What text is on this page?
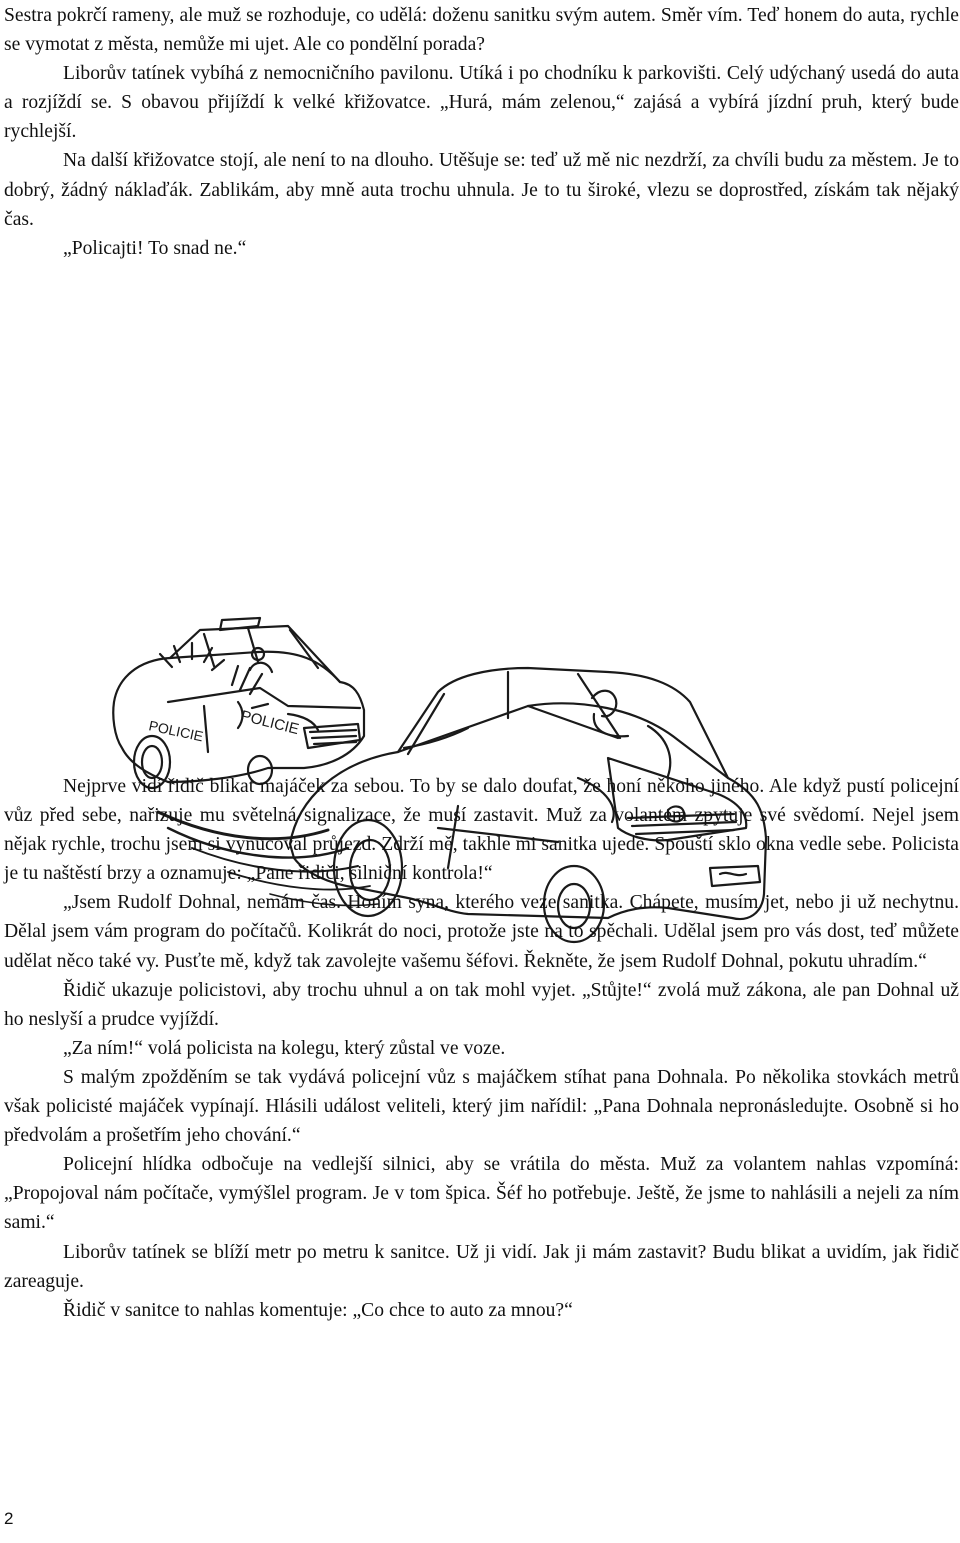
Sestra pokrčí rameny, ale muž se rozhoduje, co udělá: doženu sanitku svým autem. Směr vím. Teď honem do auta, rychle se vymotat z města, nemůže mi ujet. Ale co pondělní porada?

Liborův tatínek vybíhá z nemocničního pavilonu. Utíká i po chodníku k parkovišti. Celý udýchaný usedá do auta a rozjíždí se. S obavou přijíždí k velké křižovatce. „Hurá, mám zelenou,“ zajásá a vybírá jízdní pruh, který bude rychlejší.

Na další křižovatce stojí, ale není to na dlouho. Utěšuje se: teď už mě nic nezdrží, za chvíli budu za městem. Je to dobrý, žádný náklaďák. Zablikám, aby mně auta trochu uhnula. Je to tu široké, vlezu se doprostřed, získám tak nějaký čas.

„Policajti! To snad ne.“

POLICIE POLICIE

Nejprve vidí řidič blikat majáček za sebou. To by se dalo doufat, že honí někoho jiného. Ale když pustí policejní vůz před sebe, nařizuje mu světelná signalizace, že musí zastavit. Muž za volantem zpytuje své svědomí. Nejel jsem nějak rychle, trochu jsem si vynucoval průjezd. Zdrží mě, takhle mi sanitka ujede. Spouští sklo okna vedle sebe. Policista je tu naštěstí brzy a oznamuje: „Pane řidiči, silniční kontrola!“

„Jsem Rudolf Dohnal, nemám čas. Honím syna, kterého veze sanitka. Chápete, musím jet, nebo ji už nechytnu. Dělal jsem vám program do počítačů. Kolikrát do noci, protože jste na to spěchali. Udělal jsem pro vás dost, teď můžete udělat něco také vy. Pusťte mě, když tak zavolejte vašemu šéfovi. Řekněte, že jsem Rudolf Dohnal, pokutu uhradím.“

Řidič ukazuje policistovi, aby trochu uhnul a on tak mohl vyjet. „Stůjte!“ zvolá muž zákona, ale pan Dohnal už ho neslyší a prudce vyjíždí.

„Za ním!“ volá policista na kolegu, který zůstal ve voze.

S malým zpožděním se tak vydává policejní vůz s majáčkem stíhat pana Dohnala. Po několika stovkách metrů však policisté majáček vypínají. Hlásili událost veliteli, který jim nařídil: „Pana Dohnala nepronásledujte. Osobně si ho předvolám a prošetřím jeho chování.“

Policejní hlídka odbočuje na vedlejší silnici, aby se vrátila do města. Muž za volantem nahlas vzpomíná: „Propojoval nám počítače, vymýšlel program. Je v tom špica. Šéf ho potřebuje. Ještě, že jsme to nahlásili a nejeli za ním sami.“

Liborův tatínek se blíží metr po metru k sanitce. Už ji vidí. Jak ji mám zastavit? Budu blikat a uvidím, jak řidič zareaguje.

Řidič v sanitce to nahlas komentuje: „Co chce to auto za mnou?“

2
